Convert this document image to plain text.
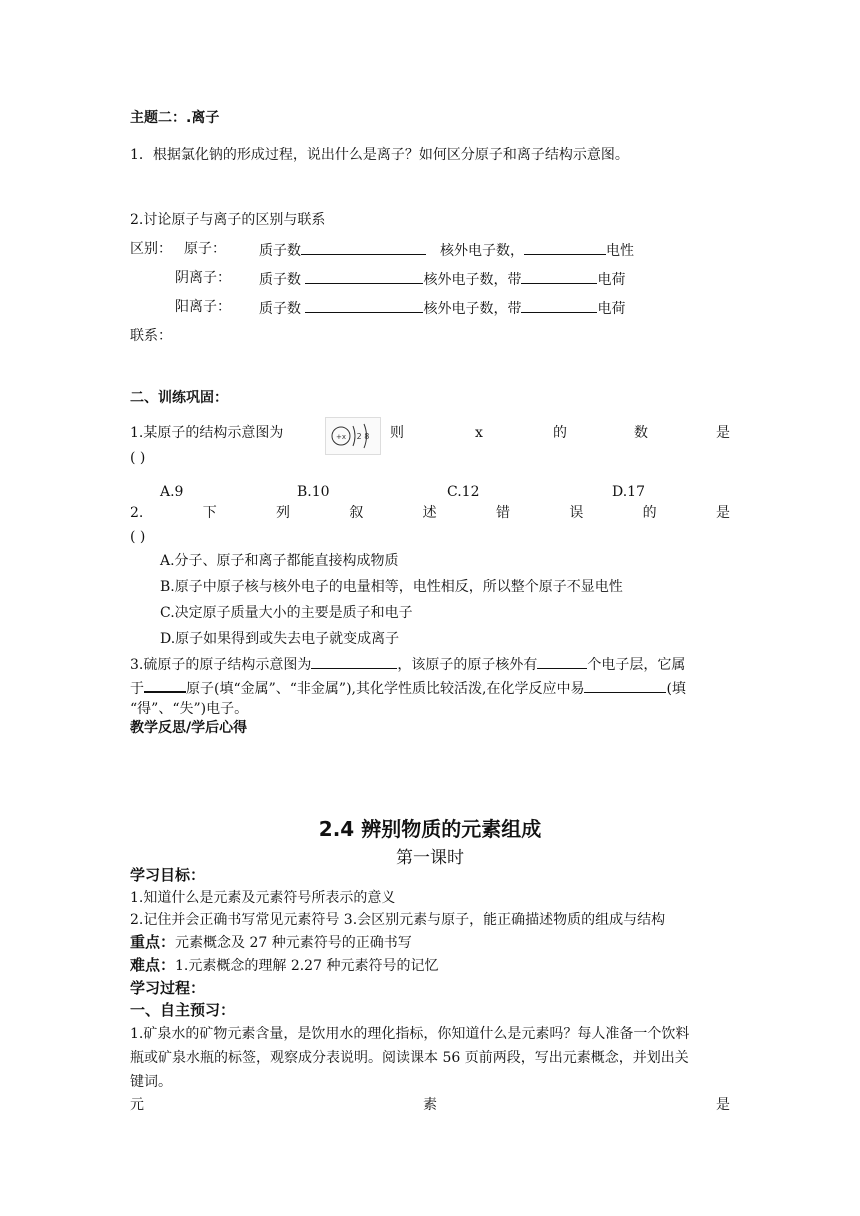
主题二：.离子
1．根据氯化钠的形成过程，说出什么是离子？如何区分原子和离子结构示意图。
2.讨论原子与离子的区别与联系
区别： 原子： 质子数	核外电子数，	电性
阴离子： 质子数	核外电子数，带	电荷
阳离子： 质子数	核外电子数，带	电荷
联系：
二、训练巩固：
1.某原子的结构示意图为	+x 2 8 则	x	的	数	是
( )
A.9	B.10	C.12	D.17
2.	下	列	叙	述	错	误	的	是
( )
A.分子、原子和离子都能直接构成物质
B.原子中原子核与核外电子的电量相等，电性相反，所以整个原子不显电性
C.决定原子质量大小的主要是质子和电子
D.原子如果得到或失去电子就变成离子
3.硫原子的原子结构示意图为	，该原子的原子核外有	个电子层，它属
于	原子(填“金属”、“非金属”),其化学性质比较活泼,在化学反应中易	(填
“得”、“失”)电子。
教学反思/学后心得
2.4 辨别物质的元素组成
第一课时
学习目标：
1.知道什么是元素及元素符号所表示的意义
2.记住并会正确书写常见元素符号 3.会区别元素与原子，能正确描述物质的组成与结构
重点：元素概念及 27 种元素符号的正确书写
难点：1.元素概念的理解 2.27 种元素符号的记忆
学习过程：
一、自主预习：
1.矿泉水的矿物元素含量，是饮用水的理化指标，你知道什么是元素吗？每人准备一个饮料
瓶或矿泉水瓶的标签，观察成分表说明。阅读课本 56 页前两段，写出元素概念，并划出关
键词。
元	素	是
